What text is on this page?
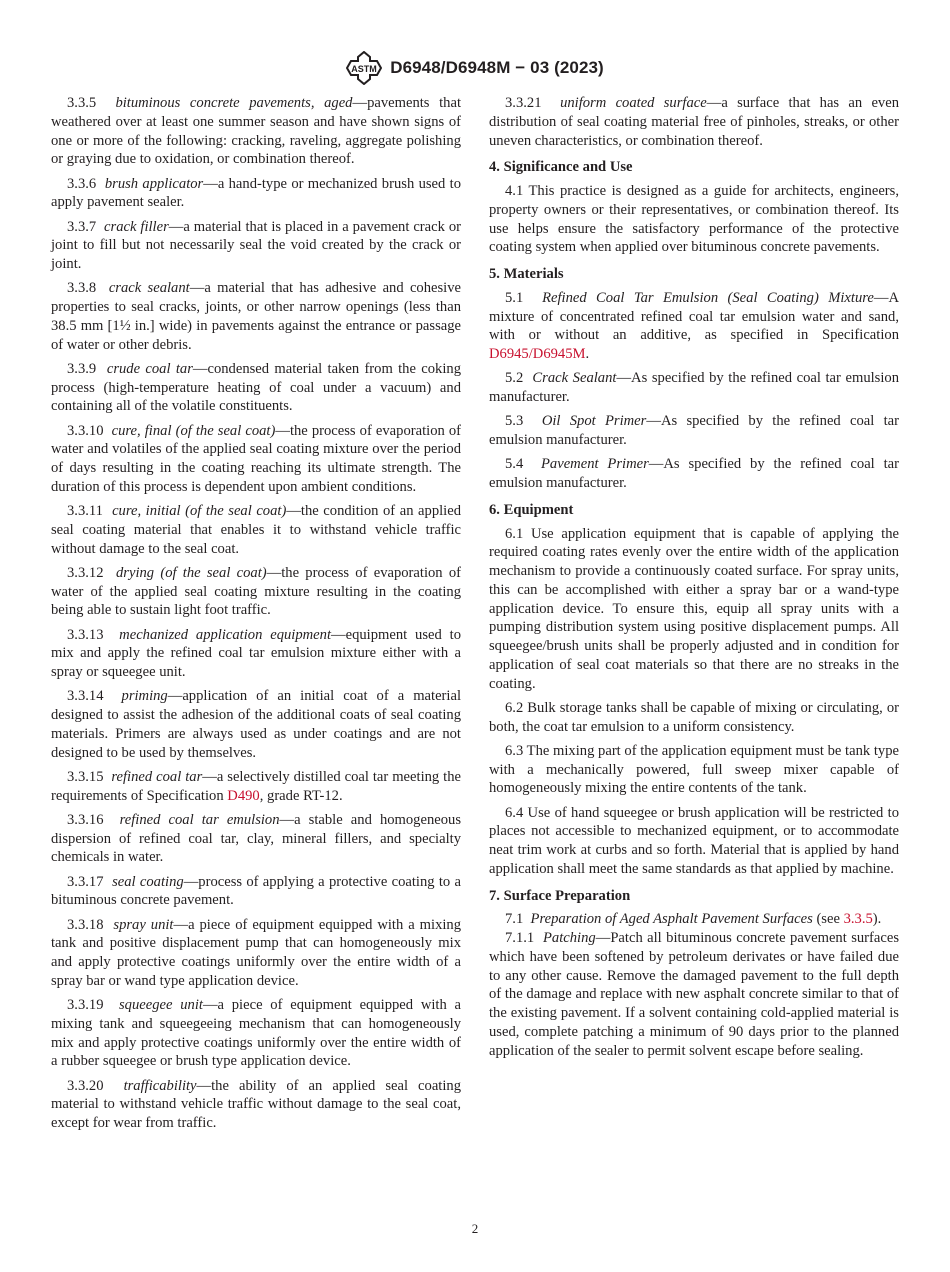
ASTM D6948/D6948M − 03 (2023)

3.3.5 bituminous concrete pavements, aged—pavements that weathered over at least one summer season and have shown signs of one or more of the following: cracking, raveling, aggregate polishing or graying due to oxidation, or combination thereof.

3.3.6 brush applicator—a hand-type or mechanized brush used to apply pavement sealer.

3.3.7 crack filler—a material that is placed in a pavement crack or joint to fill but not necessarily seal the void created by the crack or joint.

3.3.8 crack sealant—a material that has adhesive and cohesive properties to seal cracks, joints, or other narrow openings (less than 38.5 mm [1½ in.] wide) in pavements against the entrance or passage of water or other debris.

3.3.9 crude coal tar—condensed material taken from the coking process (high-temperature heating of coal under a vacuum) and containing all of the volatile constituents.

3.3.10 cure, final (of the seal coat)—the process of evaporation of water and volatiles of the applied seal coating mixture over the period of days resulting in the coating reaching its ultimate strength. The duration of this process is dependent upon ambient conditions.

3.3.11 cure, initial (of the seal coat)—the condition of an applied seal coating material that enables it to withstand vehicle traffic without damage to the seal coat.

3.3.12 drying (of the seal coat)—the process of evaporation of water of the applied seal coating mixture resulting in the coating being able to sustain light foot traffic.

3.3.13 mechanized application equipment—equipment used to mix and apply the refined coal tar emulsion mixture either with a spray or squeegee unit.

3.3.14 priming—application of an initial coat of a material designed to assist the adhesion of the additional coats of seal coating materials. Primers are always used as under coatings and are not designed to be used by themselves.

3.3.15 refined coal tar—a selectively distilled coal tar meeting the requirements of Specification D490, grade RT-12.

3.3.16 refined coal tar emulsion—a stable and homogeneous dispersion of refined coal tar, clay, mineral fillers, and specialty chemicals in water.

3.3.17 seal coating—process of applying a protective coating to a bituminous concrete pavement.

3.3.18 spray unit—a piece of equipment equipped with a mixing tank and positive displacement pump that can homogeneously mix and apply protective coatings uniformly over the entire width of a spray bar or wand type application device.

3.3.19 squeegee unit—a piece of equipment equipped with a mixing tank and squeegeeing mechanism that can homogeneously mix and apply protective coatings uniformly over the entire width of a rubber squeegee or brush type application device.

3.3.20 trafficability—the ability of an applied seal coating material to withstand vehicle traffic without damage to the seal coat, except for wear from traffic.

3.3.21 uniform coated surface—a surface that has an even distribution of seal coating material free of pinholes, streaks, or other uneven characteristics, or combination thereof.

4. Significance and Use

4.1 This practice is designed as a guide for architects, engineers, property owners or their representatives, or combination thereof. Its use helps ensure the satisfactory performance of the protective coating system when applied over bituminous concrete pavements.

5. Materials

5.1 Refined Coal Tar Emulsion (Seal Coating) Mixture—A mixture of concentrated refined coal tar emulsion water and sand, with or without an additive, as specified in Specification D6945/D6945M.

5.2 Crack Sealant—As specified by the refined coal tar emulsion manufacturer.

5.3 Oil Spot Primer—As specified by the refined coal tar emulsion manufacturer.

5.4 Pavement Primer—As specified by the refined coal tar emulsion manufacturer.

6. Equipment

6.1 Use application equipment that is capable of applying the required coating rates evenly over the entire width of the application mechanism to provide a continuously coated surface. For spray units, this can be accomplished with either a spray bar or a wand-type application device. To ensure this, equip all spray units with a pumping distribution system using positive displacement pumps. All squeegee/brush units shall be properly adjusted and in condition for application of seal coat materials so that there are no streaks in the coating.

6.2 Bulk storage tanks shall be capable of mixing or circulating, or both, the coat tar emulsion to a uniform consistency.

6.3 The mixing part of the application equipment must be tank type with a mechanically powered, full sweep mixer capable of homogeneously mixing the entire contents of the tank.

6.4 Use of hand squeegee or brush application will be restricted to places not accessible to mechanized equipment, or to accommodate neat trim work at curbs and so forth. Material that is applied by hand application shall meet the same standards as that applied by machine.

7. Surface Preparation

7.1 Preparation of Aged Asphalt Pavement Surfaces (see 3.3.5).

7.1.1 Patching—Patch all bituminous concrete pavement surfaces which have been softened by petroleum derivates or have failed due to any other cause. Remove the damaged pavement to the full depth of the damage and replace with new asphalt concrete similar to that of the existing pavement. If a solvent containing cold-applied material is used, complete patching a minimum of 90 days prior to the planned application of the sealer to permit solvent escape before sealing.

2
